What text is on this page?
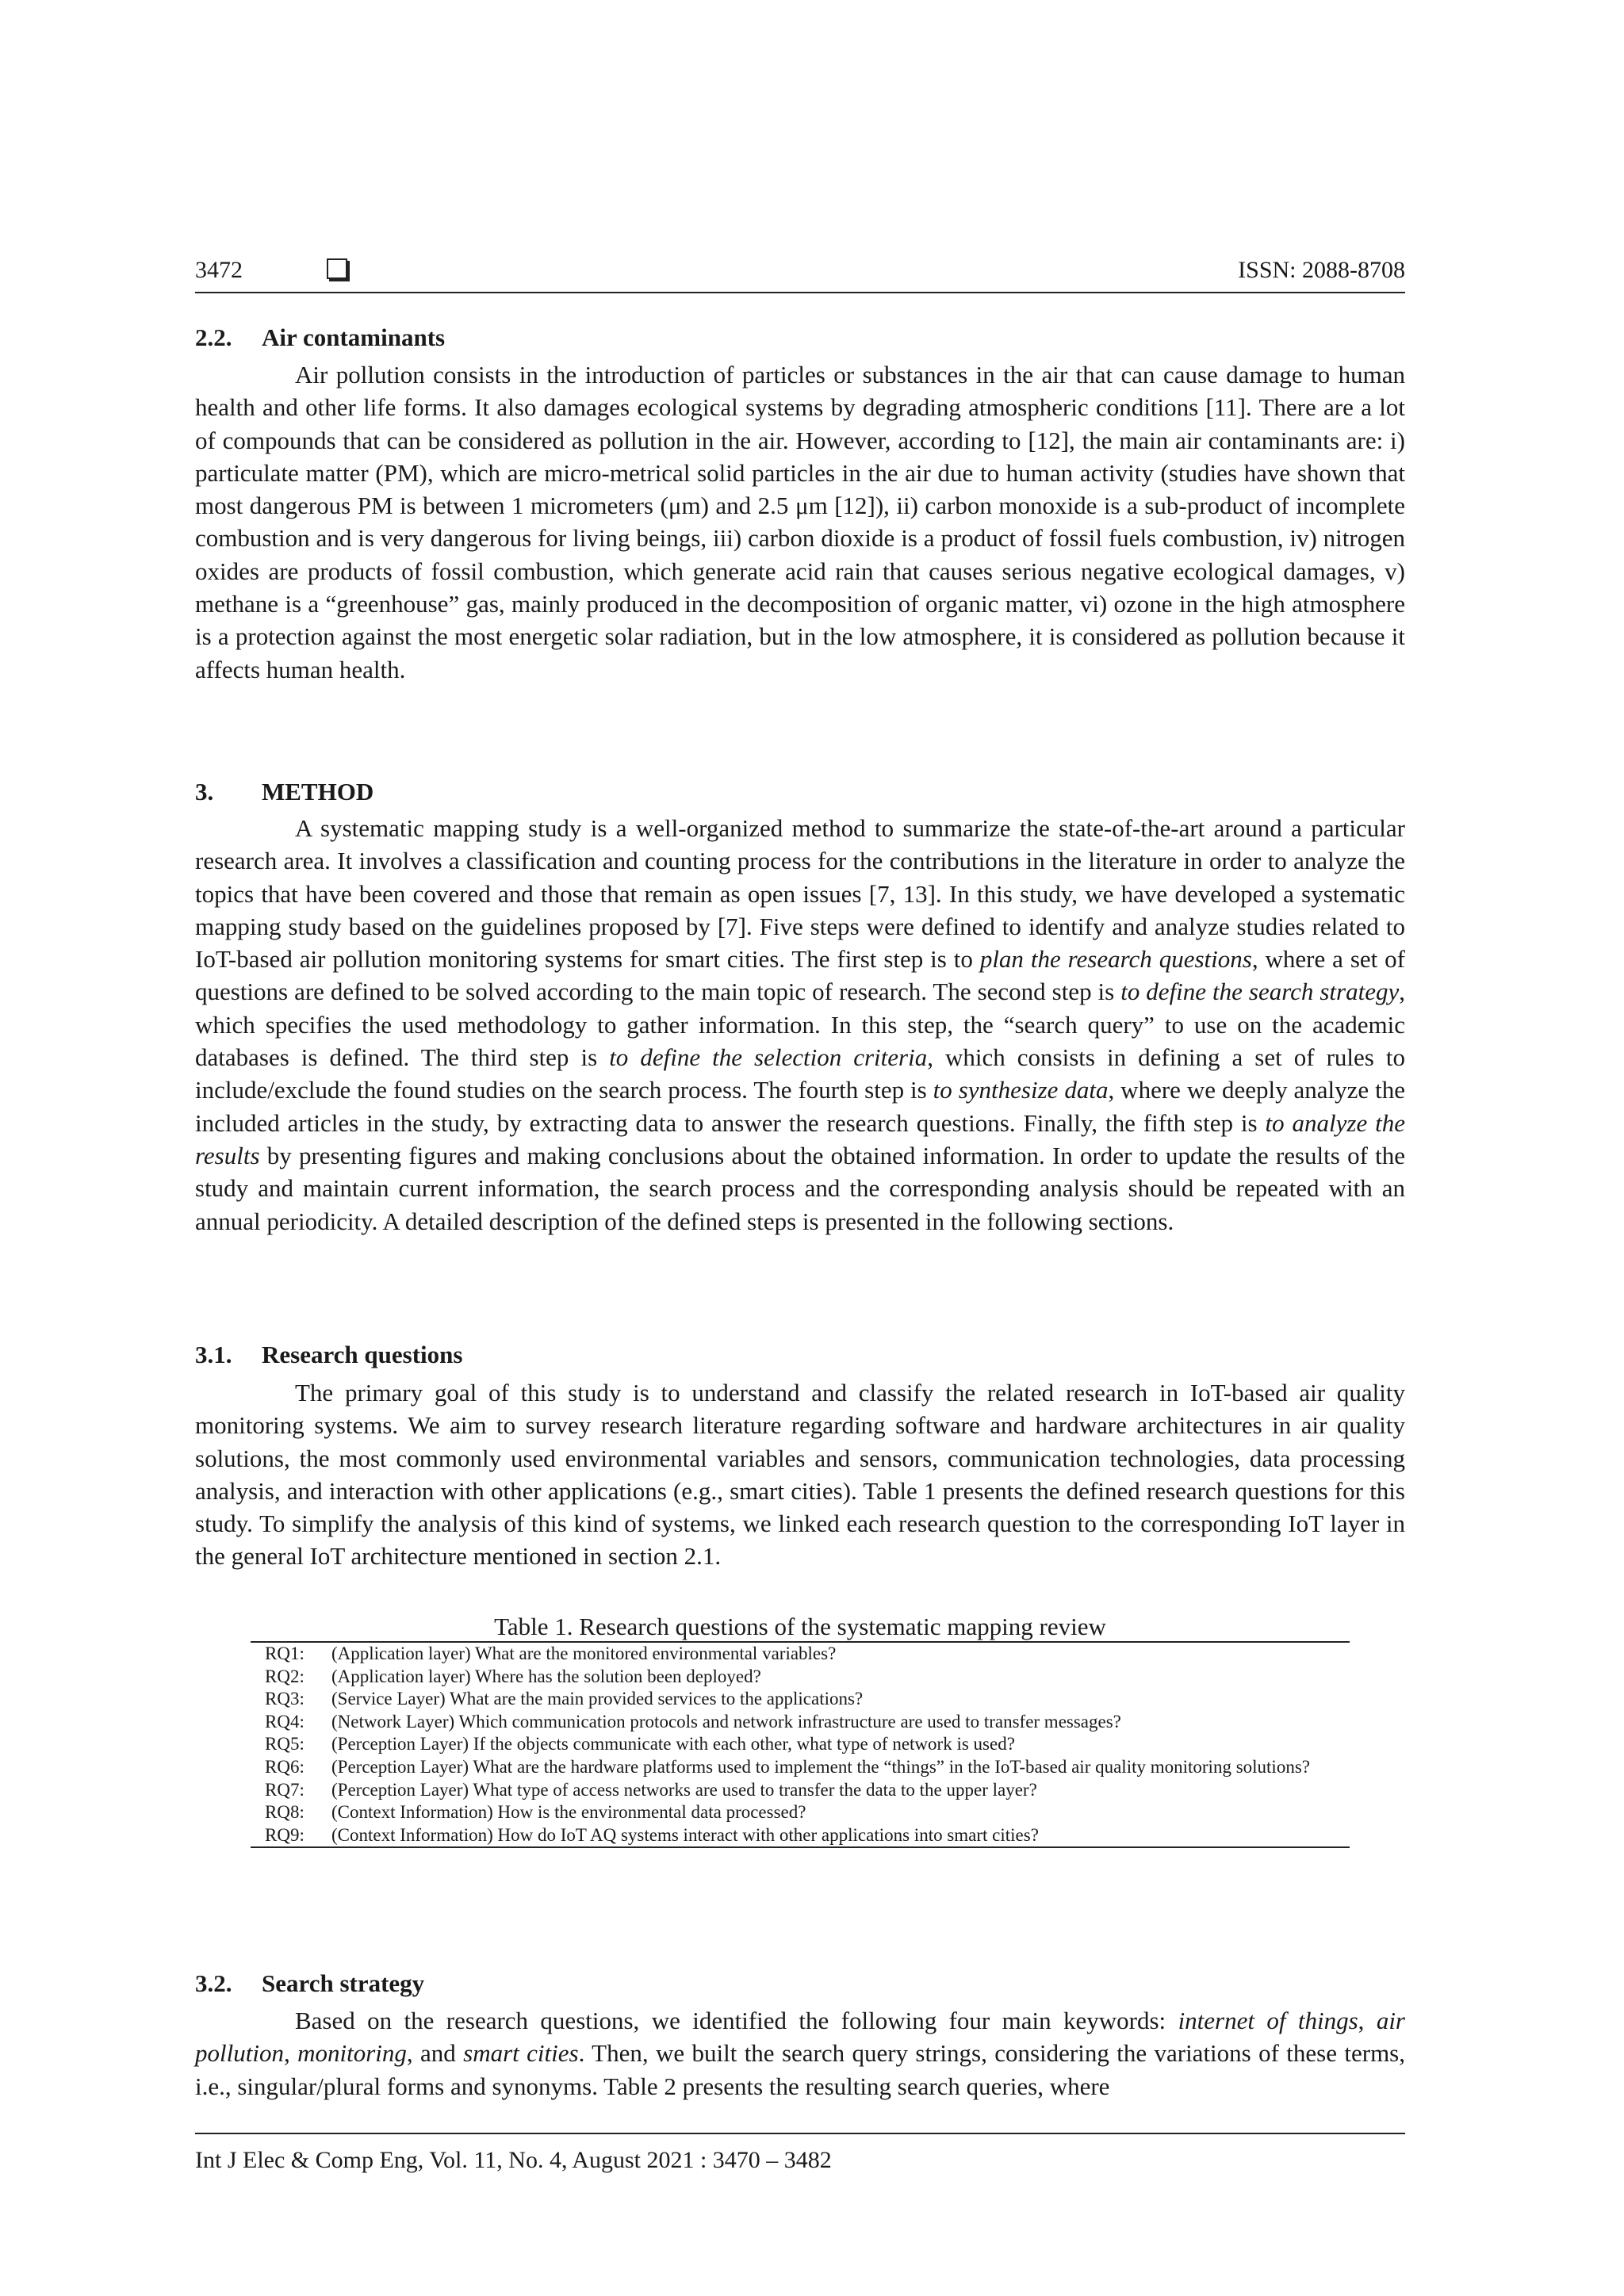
3472	ISSN: 2088-8708
2.2. Air contaminants

Air pollution consists in the introduction of particles or substances in the air that can cause damage to human health and other life forms. It also damages ecological systems by degrading atmospheric conditions [11]. There are a lot of compounds that can be considered as pollution in the air. However, according to [12], the main air contaminants are: i) particulate matter (PM), which are micro-metrical solid particles in the air due to human activity (studies have shown that most dangerous PM is between 1 micrometers (μm) and 2.5 μm [12]), ii) carbon monoxide is a sub-product of incomplete combustion and is very dangerous for living beings, iii) carbon dioxide is a product of fossil fuels combustion, iv) nitrogen oxides are products of fossil combustion, which generate acid rain that causes serious negative ecological damages, v) methane is a “greenhouse” gas, mainly produced in the decomposition of organic matter, vi) ozone in the high atmosphere is a protection against the most energetic solar radiation, but in the low atmosphere, it is considered as pollution because it affects human health.

3. METHOD

A systematic mapping study is a well-organized method to summarize the state-of-the-art around a particular research area. It involves a classification and counting process for the contributions in the literature in order to analyze the topics that have been covered and those that remain as open issues [7, 13]. In this study, we have developed a systematic mapping study based on the guidelines proposed by [7]. Five steps were defined to identify and analyze studies related to IoT-based air pollution monitoring systems for smart cities. The first step is to plan the research questions, where a set of questions are defined to be solved according to the main topic of research. The second step is to define the search strategy, which specifies the used methodology to gather information. In this step, the “search query” to use on the academic databases is defined. The third step is to define the selection criteria, which consists in defining a set of rules to include/exclude the found studies on the search process. The fourth step is to synthesize data, where we deeply analyze the included articles in the study, by extracting data to answer the research questions. Finally, the fifth step is to analyze the results by presenting figures and making conclusions about the obtained information. In order to update the results of the study and maintain current information, the search process and the corresponding analysis should be repeated with an annual periodicity. A detailed description of the defined steps is presented in the following sections.

3.1. Research questions

The primary goal of this study is to understand and classify the related research in IoT-based air quality monitoring systems. We aim to survey research literature regarding software and hardware architectures in air quality solutions, the most commonly used environmental variables and sensors, communication technologies, data processing analysis, and interaction with other applications (e.g., smart cities). Table 1 presents the defined research questions for this study. To simplify the analysis of this kind of systems, we linked each research question to the corresponding IoT layer in the general IoT architecture mentioned in section 2.1.

Table 1. Research questions of the systematic mapping review
RQ1:	(Application layer) What are the monitored environmental variables?
RQ2:	(Application layer) Where has the solution been deployed?
RQ3:	(Service Layer) What are the main provided services to the applications?
RQ4:	(Network Layer) Which communication protocols and network infrastructure are used to transfer messages?
RQ5:	(Perception Layer) If the objects communicate with each other, what type of network is used?
RQ6:	(Perception Layer) What are the hardware platforms used to implement the “things” in the IoT-based air quality monitoring solutions?
RQ7:	(Perception Layer) What type of access networks are used to transfer the data to the upper layer?
RQ8:	(Context Information) How is the environmental data processed?
RQ9:	(Context Information) How do IoT AQ systems interact with other applications into smart cities?
3.2. Search strategy

Based on the research questions, we identified the following four main keywords: internet of things, air pollution, monitoring, and smart cities. Then, we built the search query strings, considering the variations of these terms, i.e., singular/plural forms and synonyms. Table 2 presents the resulting search queries, where

Int J Elec & Comp Eng, Vol. 11, No. 4, August 2021 : 3470 – 3482
